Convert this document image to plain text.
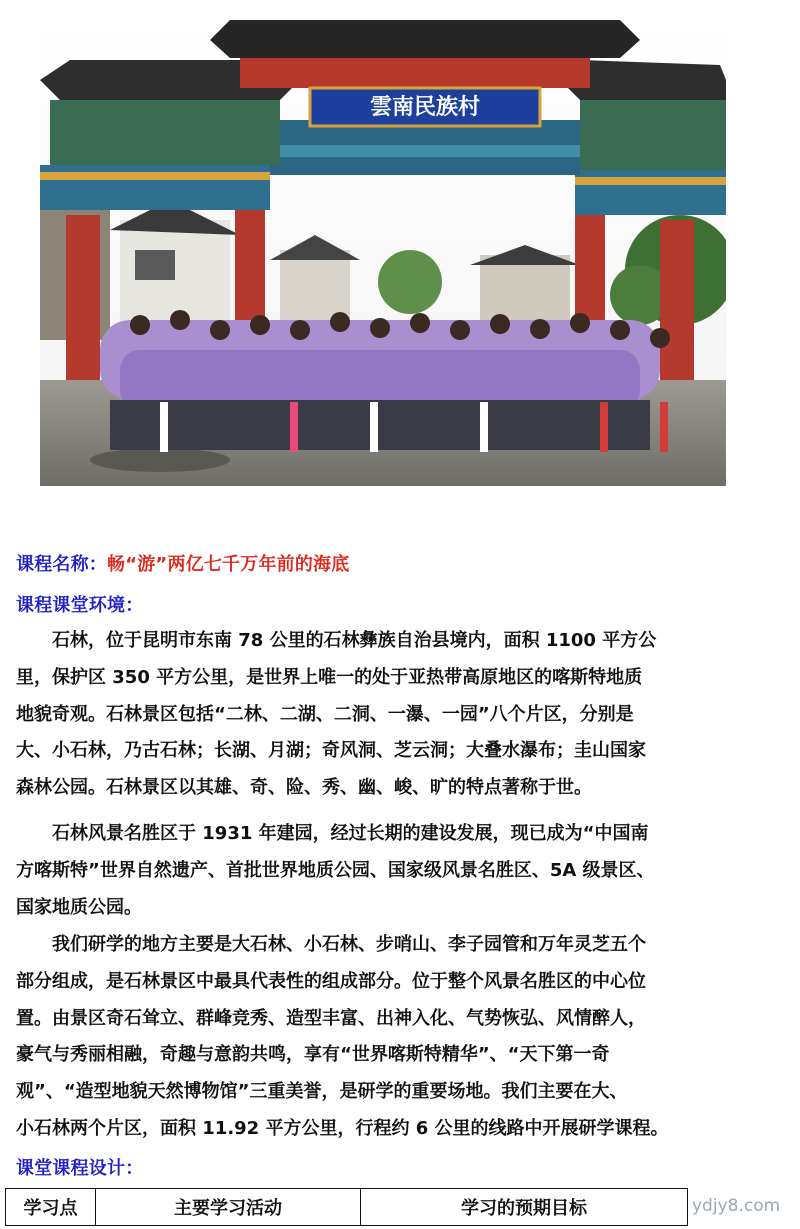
雲南民族村
课程名称：畅“游”两亿七千万年前的海底
课程课堂环境：

石林，位于昆明市东南 78 公里的石林彝族自治县境内，面积 1100 平方公

里，保护区 350 平方公里，是世界上唯一的处于亚热带高原地区的喀斯特地质

地貌奇观。石林景区包括“二林、二湖、二洞、一瀑、一园”八个片区，分别是

大、小石林，乃古石林；长湖、月湖；奇风洞、芝云洞；大叠水瀑布；圭山国家

森林公园。石林景区以其雄、奇、险、秀、幽、峻、旷的特点著称于世。

石林风景名胜区于 1931 年建园，经过长期的建设发展，现已成为“中国南

方喀斯特”世界自然遗产、首批世界地质公园、国家级风景名胜区、5A 级景区、

国家地质公园。

我们研学的地方主要是大石林、小石林、步哨山、李子园管和万年灵芝五个

部分组成，是石林景区中最具代表性的组成部分。位于整个风景名胜区的中心位

置。由景区奇石耸立、群峰竞秀、造型丰富、出神入化、气势恢弘、风情醉人，

豪气与秀丽相融，奇趣与意韵共鸣，享有“世界喀斯特精华”、“天下第一奇

观”、“造型地貌天然博物馆”三重美誉，是研学的重要场地。我们主要在大、

小石林两个片区，面积 11.92 平方公里，行程约 6 公里的线路中开展研学课程。

课堂课程设计：
学习点	主要学习活动	学习的预期目标	ydjy8.com
